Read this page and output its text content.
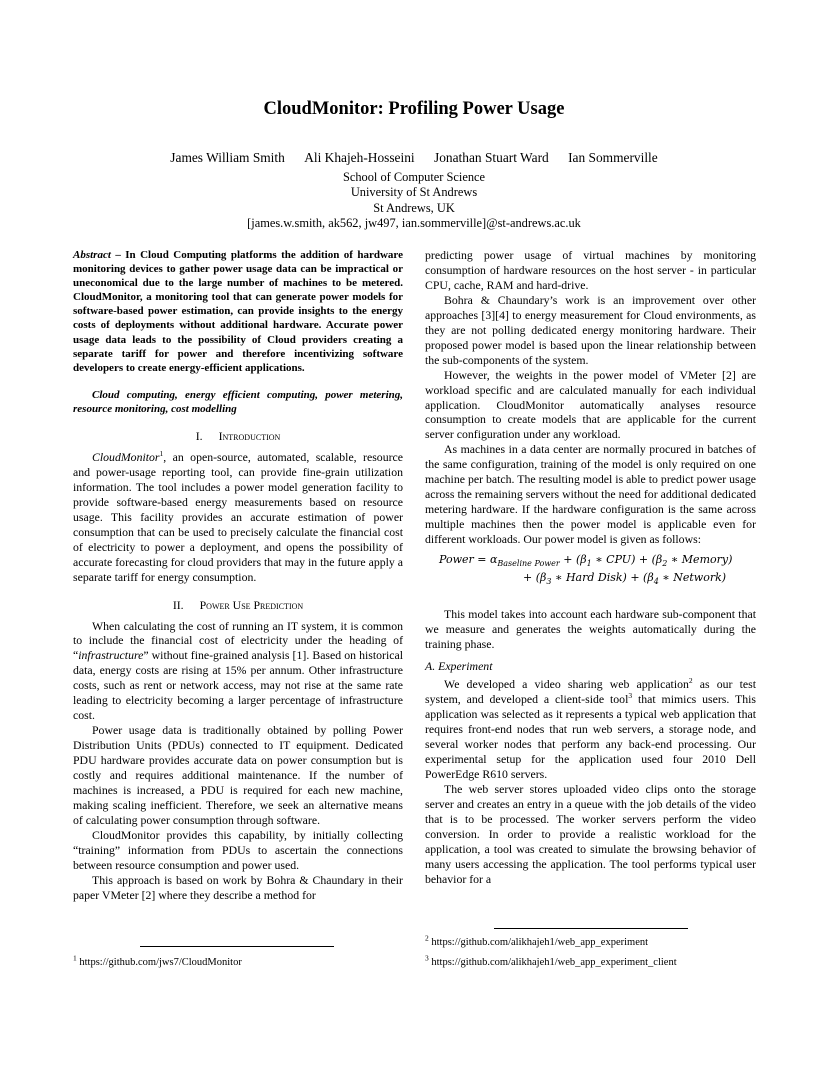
CloudMonitor: Profiling Power Usage
James William Smith Ali Khajeh-Hosseini Jonathan Stuart Ward Ian Sommerville
School of Computer Science
University of St Andrews
St Andrews, UK
[james.w.smith, ak562, jw497, ian.sommerville]@st-andrews.ac.uk

Abstract – In Cloud Computing platforms the addition of hardware monitoring devices to gather power usage data can be impractical or uneconomical due to the large number of machines to be metered. CloudMonitor, a monitoring tool that can generate power models for software-based power estimation, can provide insights to the energy costs of deployments without additional hardware. Accurate power usage data leads to the possibility of Cloud providers creating a separate tariff for power and therefore incentivizing software developers to create energy-efficient applications.

Cloud computing, energy efficient computing, power metering, resource monitoring, cost modelling

I. Introduction

CloudMonitor$^1$, an open-source, automated, scalable, resource and power-usage reporting tool, can provide fine-grain utilization information. The tool includes a power model generation facility to provide software-based energy measurements based on resource usage. This facility provides an accurate estimation of power consumption that can be used to precisely calculate the financial cost of electricity to power a deployment, and opens the possibility of accurate forecasting for cloud providers that may in the future apply a separate tariff for energy consumption.

II. Power Use Prediction

When calculating the cost of running an IT system, it is common to include the financial cost of electricity under the heading of “infrastructure” without fine-grained analysis [1]. Based on historical data, energy costs are rising at 15% per annum. Other infrastructure costs, such as rent or network access, may not rise at the same rate leading to electricity becoming a larger percentage of infrastructure cost.

Power usage data is traditionally obtained by polling Power Distribution Units (PDUs) connected to IT equipment. Dedicated PDU hardware provides accurate data on power consumption but is costly and requires additional maintenance. If the number of machines is increased, a PDU is required for each new machine, making scaling inefficient. Therefore, we seek an alternative means of calculating power consumption through software.

CloudMonitor provides this capability, by initially collecting “training” information from PDUs to ascertain the connections between resource consumption and power used.

This approach is based on work by Bohra & Chaundary in their paper VMeter [2] where they describe a method for

predicting power usage of virtual machines by monitoring consumption of hardware resources on the host server - in particular CPU, cache, RAM and hard-drive.

Bohra & Chaundary’s work is an improvement over other approaches [3][4] to energy measurement for Cloud environments, as they are not polling dedicated energy monitoring hardware. Their proposed power model is based upon the linear relationship between the sub-components of the system.

However, the weights in the power model of VMeter [2] are workload specific and are calculated manually for each individual application. CloudMonitor automatically analyses resource consumption to create models that are applicable for the current server configuration under any workload.

As machines in a data center are normally procured in batches of the same configuration, training of the model is only required on one machine per batch. The resulting model is able to predict power usage across the remaining servers without the need for additional dedicated metering hardware. If the hardware configuration is the same across multiple machines then the power model is applicable even for different workloads. Our power model is given as follows:

Power = $\alpha_{Baseline Power} + (\beta_1$ ∗ $CPU) + (\beta_2$ ∗ Memory)
+ ($\beta_3$ ∗ Hard Disk) + ($\beta_4$ ∗ Network)

This model takes into account each hardware sub-component that we measure and generates the weights automatically during the training phase.

A. Experiment

We developed a video sharing web application$^2$ as our test system, and developed a client-side tool$^3$ that mimics users. This application was selected as it represents a typical web application that requires front-end nodes that run web servers, a storage node, and several worker nodes that perform any back-end processing. Our experimental setup for the application used four 2010 Dell PowerEdge R610 servers.

The web server stores uploaded video clips onto the storage server and creates an entry in a queue with the job details of the video that is to be processed. The worker servers perform the video conversion. In order to provide a realistic workload for the application, a tool was created to simulate the browsing behavior of many users accessing the application. The tool performs typical user behavior for a

$^1$ https://github.com/jws7/CloudMonitor
$^2$ https://github.com/alikhajeh1/web_app_experiment
$^3$ https://github.com/alikhajeh1/web_app_experiment_client
